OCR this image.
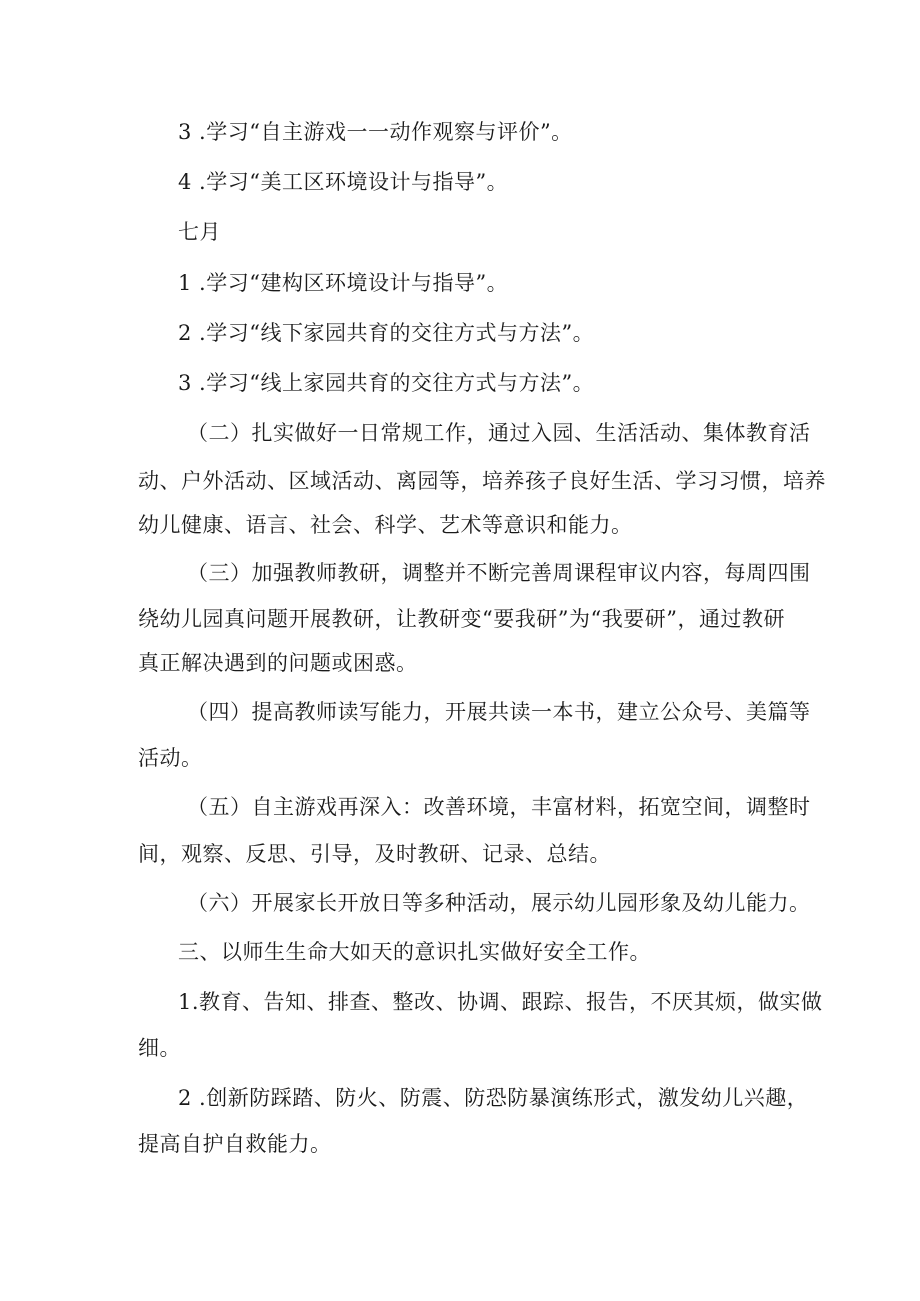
3 .学习“自主游戏一一动作观察与评价”。
4 .学习“美工区环境设计与指导”。
七月
1 .学习“建构区环境设计与指导”。
2 .学习“线下家园共育的交往方式与方法”。
3 .学习“线上家园共育的交往方式与方法”。
（二）扎实做好一日常规工作，通过入园、生活活动、集体教育活
动、户外活动、区域活动、离园等，培养孩子良好生活、学习习惯，培养
幼儿健康、语言、社会、科学、艺术等意识和能力。
（三）加强教师教研，调整并不断完善周课程审议内容，每周四围
绕幼儿园真问题开展教研，让教研变“要我研”为“我要研”，通过教研
真正解决遇到的问题或困惑。
（四）提高教师读写能力，开展共读一本书，建立公众号、美篇等
活动。
（五）自主游戏再深入：改善环境，丰富材料，拓宽空间，调整时
间，观察、反思、引导，及时教研、记录、总结。
（六）开展家长开放日等多种活动，展示幼儿园形象及幼儿能力。
三、以师生生命大如天的意识扎实做好安全工作。
1.教育、告知、排查、整改、协调、跟踪、报告，不厌其烦，做实做
细。
2 .创新防踩踏、防火、防震、防恐防暴演练形式，激发幼儿兴趣，
提高自护自救能力。
